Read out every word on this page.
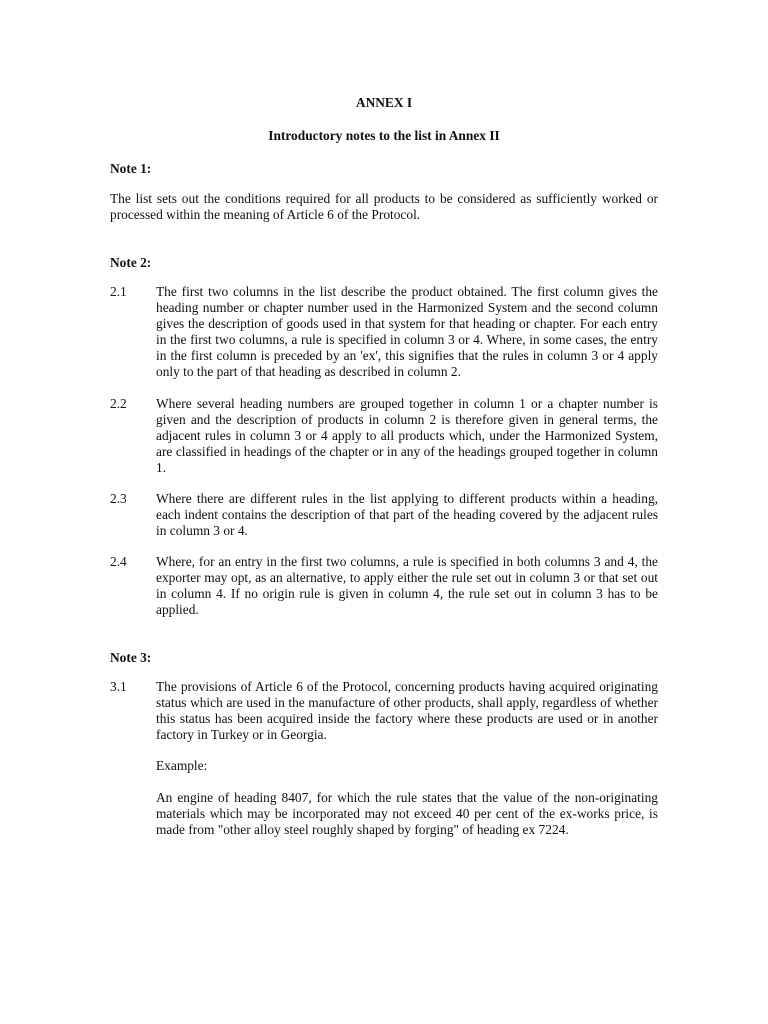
ANNEX I
Introductory notes to the list in Annex II
Note 1:
The list sets out the conditions required for all products to be considered as sufficiently worked or processed within the meaning of Article 6 of the Protocol.
Note 2:
2.1	The first two columns in the list describe the product obtained. The first column gives the heading number or chapter number used in the Harmonized System and the second column gives the description of goods used in that system for that heading or chapter. For each entry in the first two columns, a rule is specified in column 3 or 4. Where, in some cases, the entry in the first column is preceded by an 'ex', this signifies that the rules in column 3 or 4 apply only to the part of that heading as described in column 2.
2.2	Where several heading numbers are grouped together in column 1 or a chapter number is given and the description of products in column 2 is therefore given in general terms, the adjacent rules in column 3 or 4 apply to all products which, under the Harmonized System, are classified in headings of the chapter or in any of the headings grouped together in column 1.
2.3	Where there are different rules in the list applying to different products within a heading, each indent contains the description of that part of the heading covered by the adjacent rules in column 3 or 4.
2.4	Where, for an entry in the first two columns, a rule is specified in both columns 3 and 4, the exporter may opt, as an alternative, to apply either the rule set out in column 3 or that set out in column 4. If no origin rule is given in column 4, the rule set out in column 3 has to be applied.
Note 3:
3.1	The provisions of Article 6 of the Protocol, concerning products having acquired originating status which are used in the manufacture of other products, shall apply, regardless of whether this status has been acquired inside the factory where these products are used or in another factory in Turkey or in Georgia.
Example:
An engine of heading 8407, for which the rule states that the value of the non-originating materials which may be incorporated may not exceed 40 per cent of the ex-works price, is made from "other alloy steel roughly shaped by forging" of heading ex 7224.
